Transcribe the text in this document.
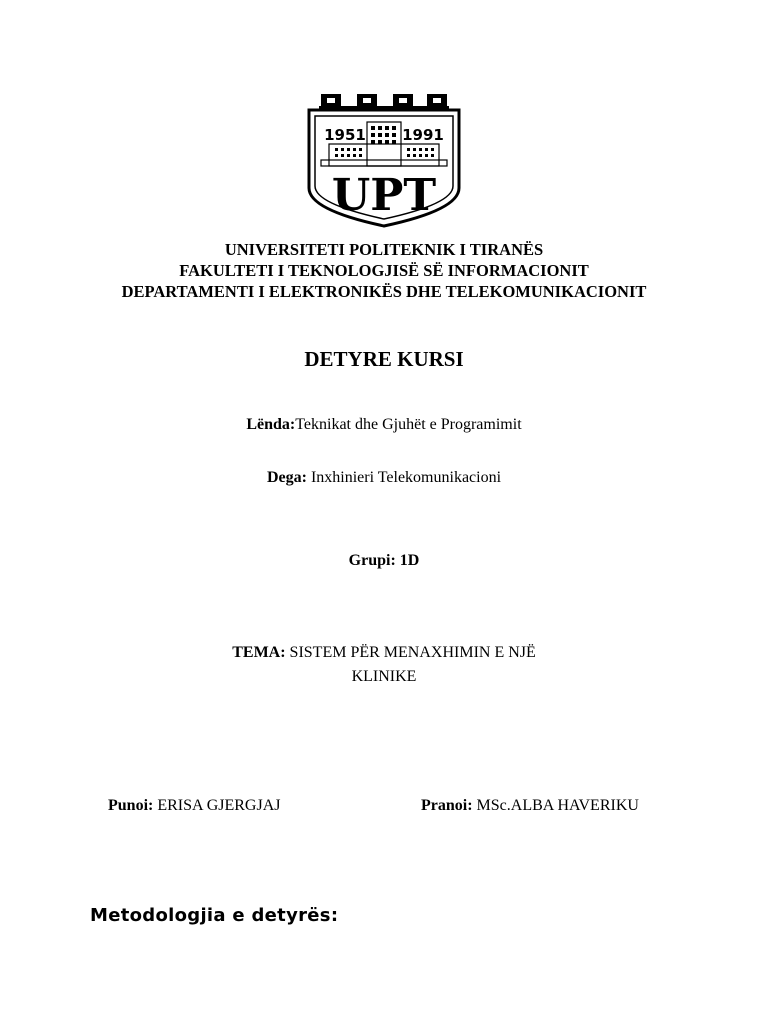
1951 1991
UPT
UNIVERSITETI POLITEKNIK I TIRANËS
FAKULTETI I TEKNOLOGJISË SË INFORMACIONIT
DEPARTAMENTI I ELEKTRONIKËS DHE TELEKOMUNIKACIONIT
DETYRE KURSI
Lënda:Teknikat dhe Gjuhët e Programimit
Dega: Inxhinieri Telekomunikacioni
Grupi: 1D
TEMA: SISTEM PËR MENAXHIMIN E NJË
KLINIKE
Punoi: ERISA GJERGJAJ	Pranoi: MSc.ALBA HAVERIKU
Metodologjia e detyrës:
